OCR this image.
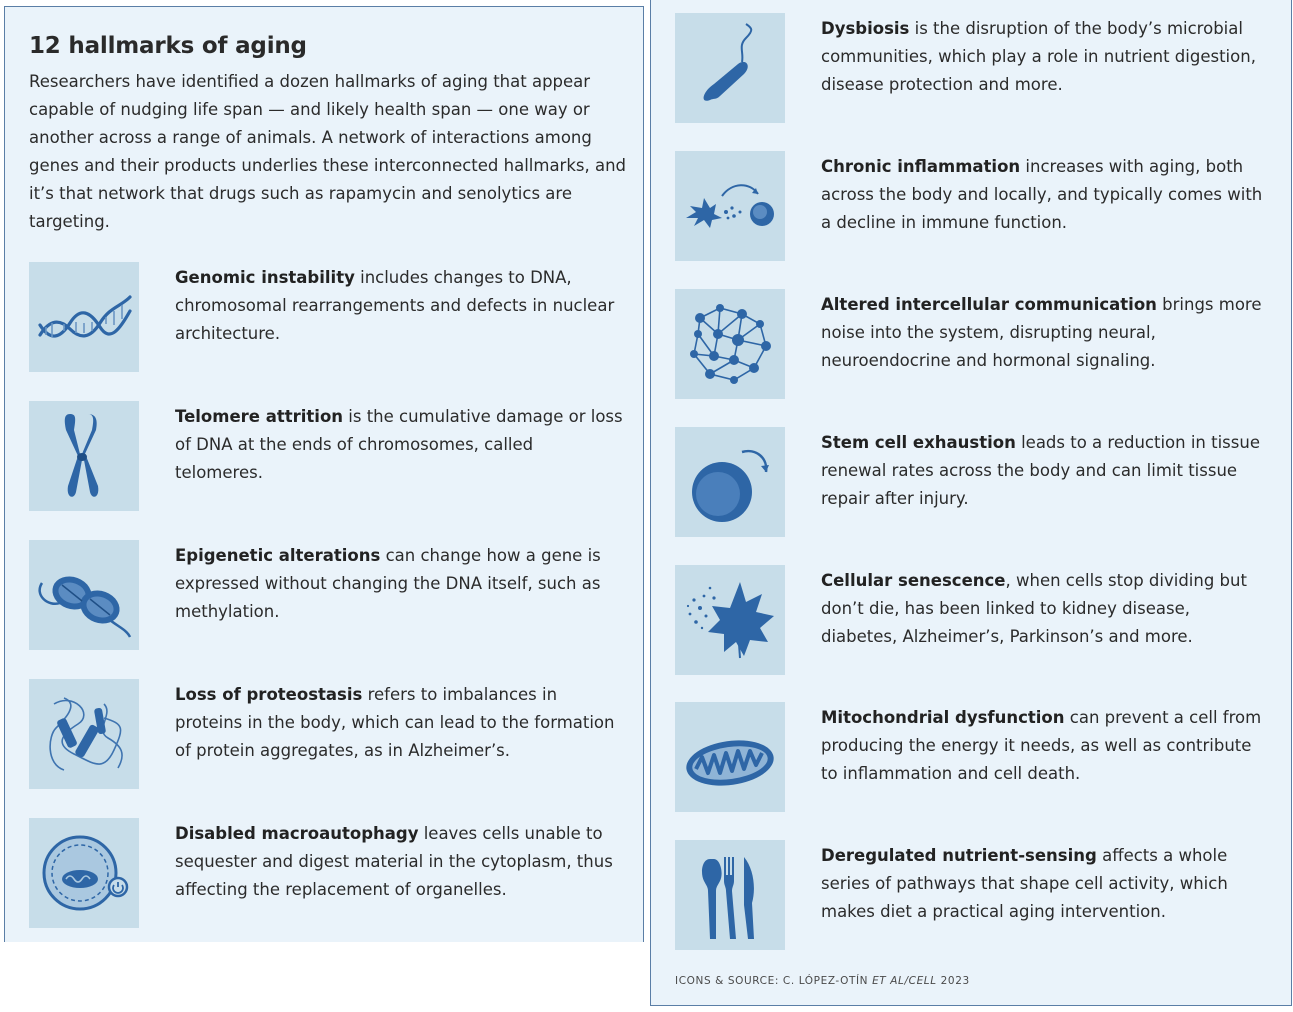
12 hallmarks of aging

Researchers have identified a dozen hallmarks of aging that appear capable of nudging life span — and likely health span — one way or another across a range of animals. A network of interactions among genes and their products underlies these interconnected hallmarks, and it’s that network that drugs such as rapamycin and senolytics are targeting.

Genomic instability includes changes to DNA, chromosomal rearrangements and defects in nuclear architecture.

Telomere attrition is the cumulative damage or loss of DNA at the ends of chromosomes, called telomeres.

Epigenetic alterations can change how a gene is expressed without changing the DNA itself, such as methylation.

Loss of proteostasis refers to imbalances in proteins in the body, which can lead to the formation of protein aggregates, as in Alzheimer’s.

Disabled macroautophagy leaves cells unable to sequester and digest material in the cytoplasm, thus affecting the replacement of organelles.

Dysbiosis is the disruption of the body’s microbial communities, which play a role in nutrient digestion, disease protection and more.

Chronic inflammation increases with aging, both across the body and locally, and typically comes with a decline in immune function.

Altered intercellular communication brings more noise into the system, disrupting neural, neuroendocrine and hormonal signaling.

Stem cell exhaustion leads to a reduction in tissue renewal rates across the body and can limit tissue repair after injury.

Cellular senescence, when cells stop dividing but don’t die, has been linked to kidney disease, diabetes, Alzheimer’s, Parkinson’s and more.

Mitochondrial dysfunction can prevent a cell from producing the energy it needs, as well as contribute to inflammation and cell death.

Deregulated nutrient-sensing affects a whole series of pathways that shape cell activity, which makes diet a practical aging intervention.

ICONS & SOURCE: C. LÓPEZ-OTÍN ET AL/CELL 2023
